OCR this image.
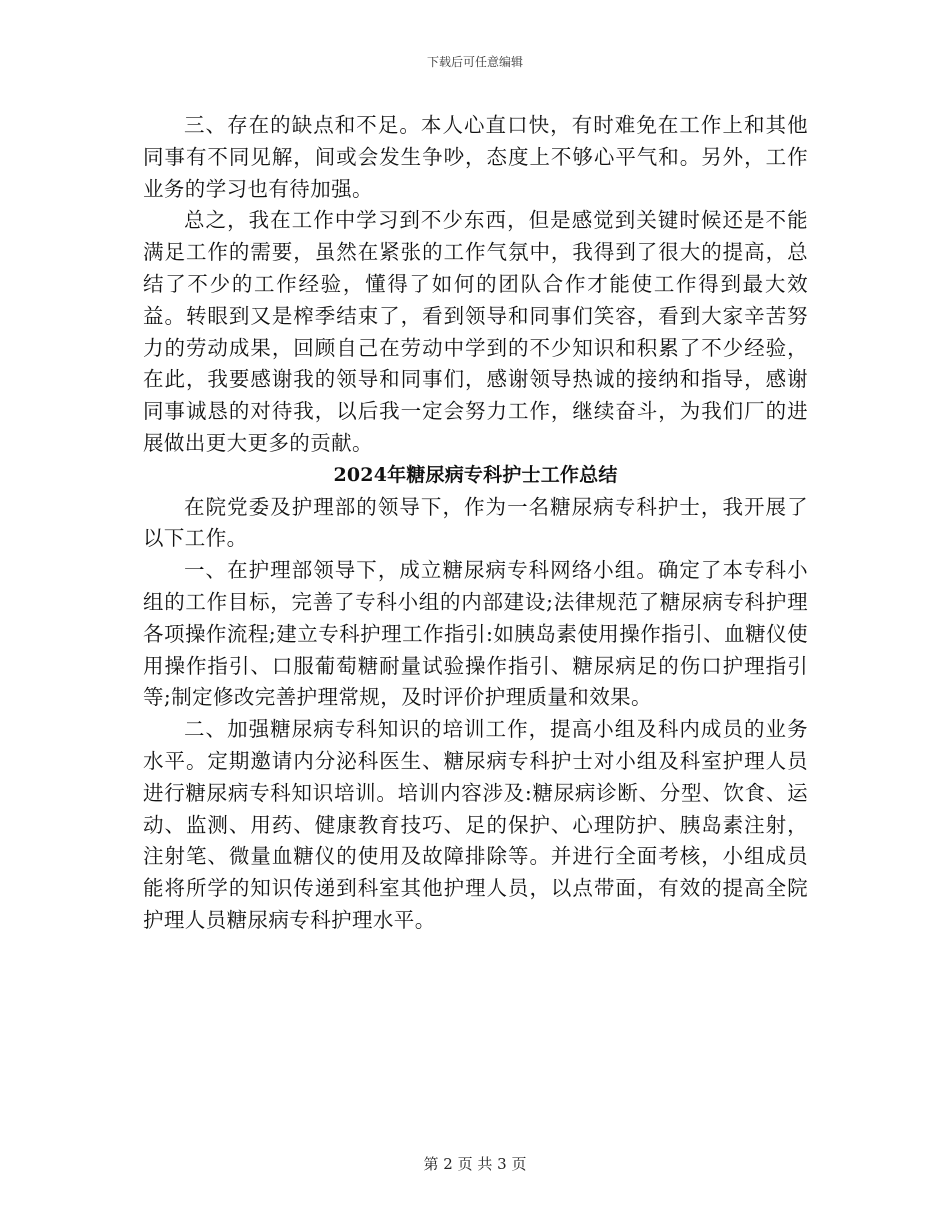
下载后可任意编辑

三、存在的缺点和不足。本人心直口快，有时难免在工作上和其他同事有不同见解，间或会发生争吵，态度上不够心平气和。另外，工作业务的学习也有待加强。

总之，我在工作中学习到不少东西，但是感觉到关键时候还是不能满足工作的需要，虽然在紧张的工作气氛中，我得到了很大的提高，总结了不少的工作经验，懂得了如何的团队合作才能使工作得到最大效益。转眼到又是榨季结束了，看到领导和同事们笑容，看到大家辛苦努力的劳动成果，回顾自己在劳动中学到的不少知识和积累了不少经验，在此，我要感谢我的领导和同事们，感谢领导热诚的接纳和指导，感谢同事诚恳的对待我，以后我一定会努力工作，继续奋斗，为我们厂的进展做出更大更多的贡献。

2024年糖尿病专科护士工作总结

在院党委及护理部的领导下，作为一名糖尿病专科护士，我开展了以下工作。

一、在护理部领导下，成立糖尿病专科网络小组。确定了本专科小组的工作目标，完善了专科小组的内部建设;法律规范了糖尿病专科护理各项操作流程;建立专科护理工作指引:如胰岛素使用操作指引、血糖仪使用操作指引、口服葡萄糖耐量试验操作指引、糖尿病足的伤口护理指引等;制定修改完善护理常规，及时评价护理质量和效果。

二、加强糖尿病专科知识的培训工作，提高小组及科内成员的业务水平。定期邀请内分泌科医生、糖尿病专科护士对小组及科室护理人员进行糖尿病专科知识培训。培训内容涉及:糖尿病诊断、分型、饮食、运动、监测、用药、健康教育技巧、足的保护、心理防护、胰岛素注射，注射笔、微量血糖仪的使用及故障排除等。并进行全面考核，小组成员能将所学的知识传递到科室其他护理人员，以点带面，有效的提高全院护理人员糖尿病专科护理水平。

第 2 页 共 3 页
